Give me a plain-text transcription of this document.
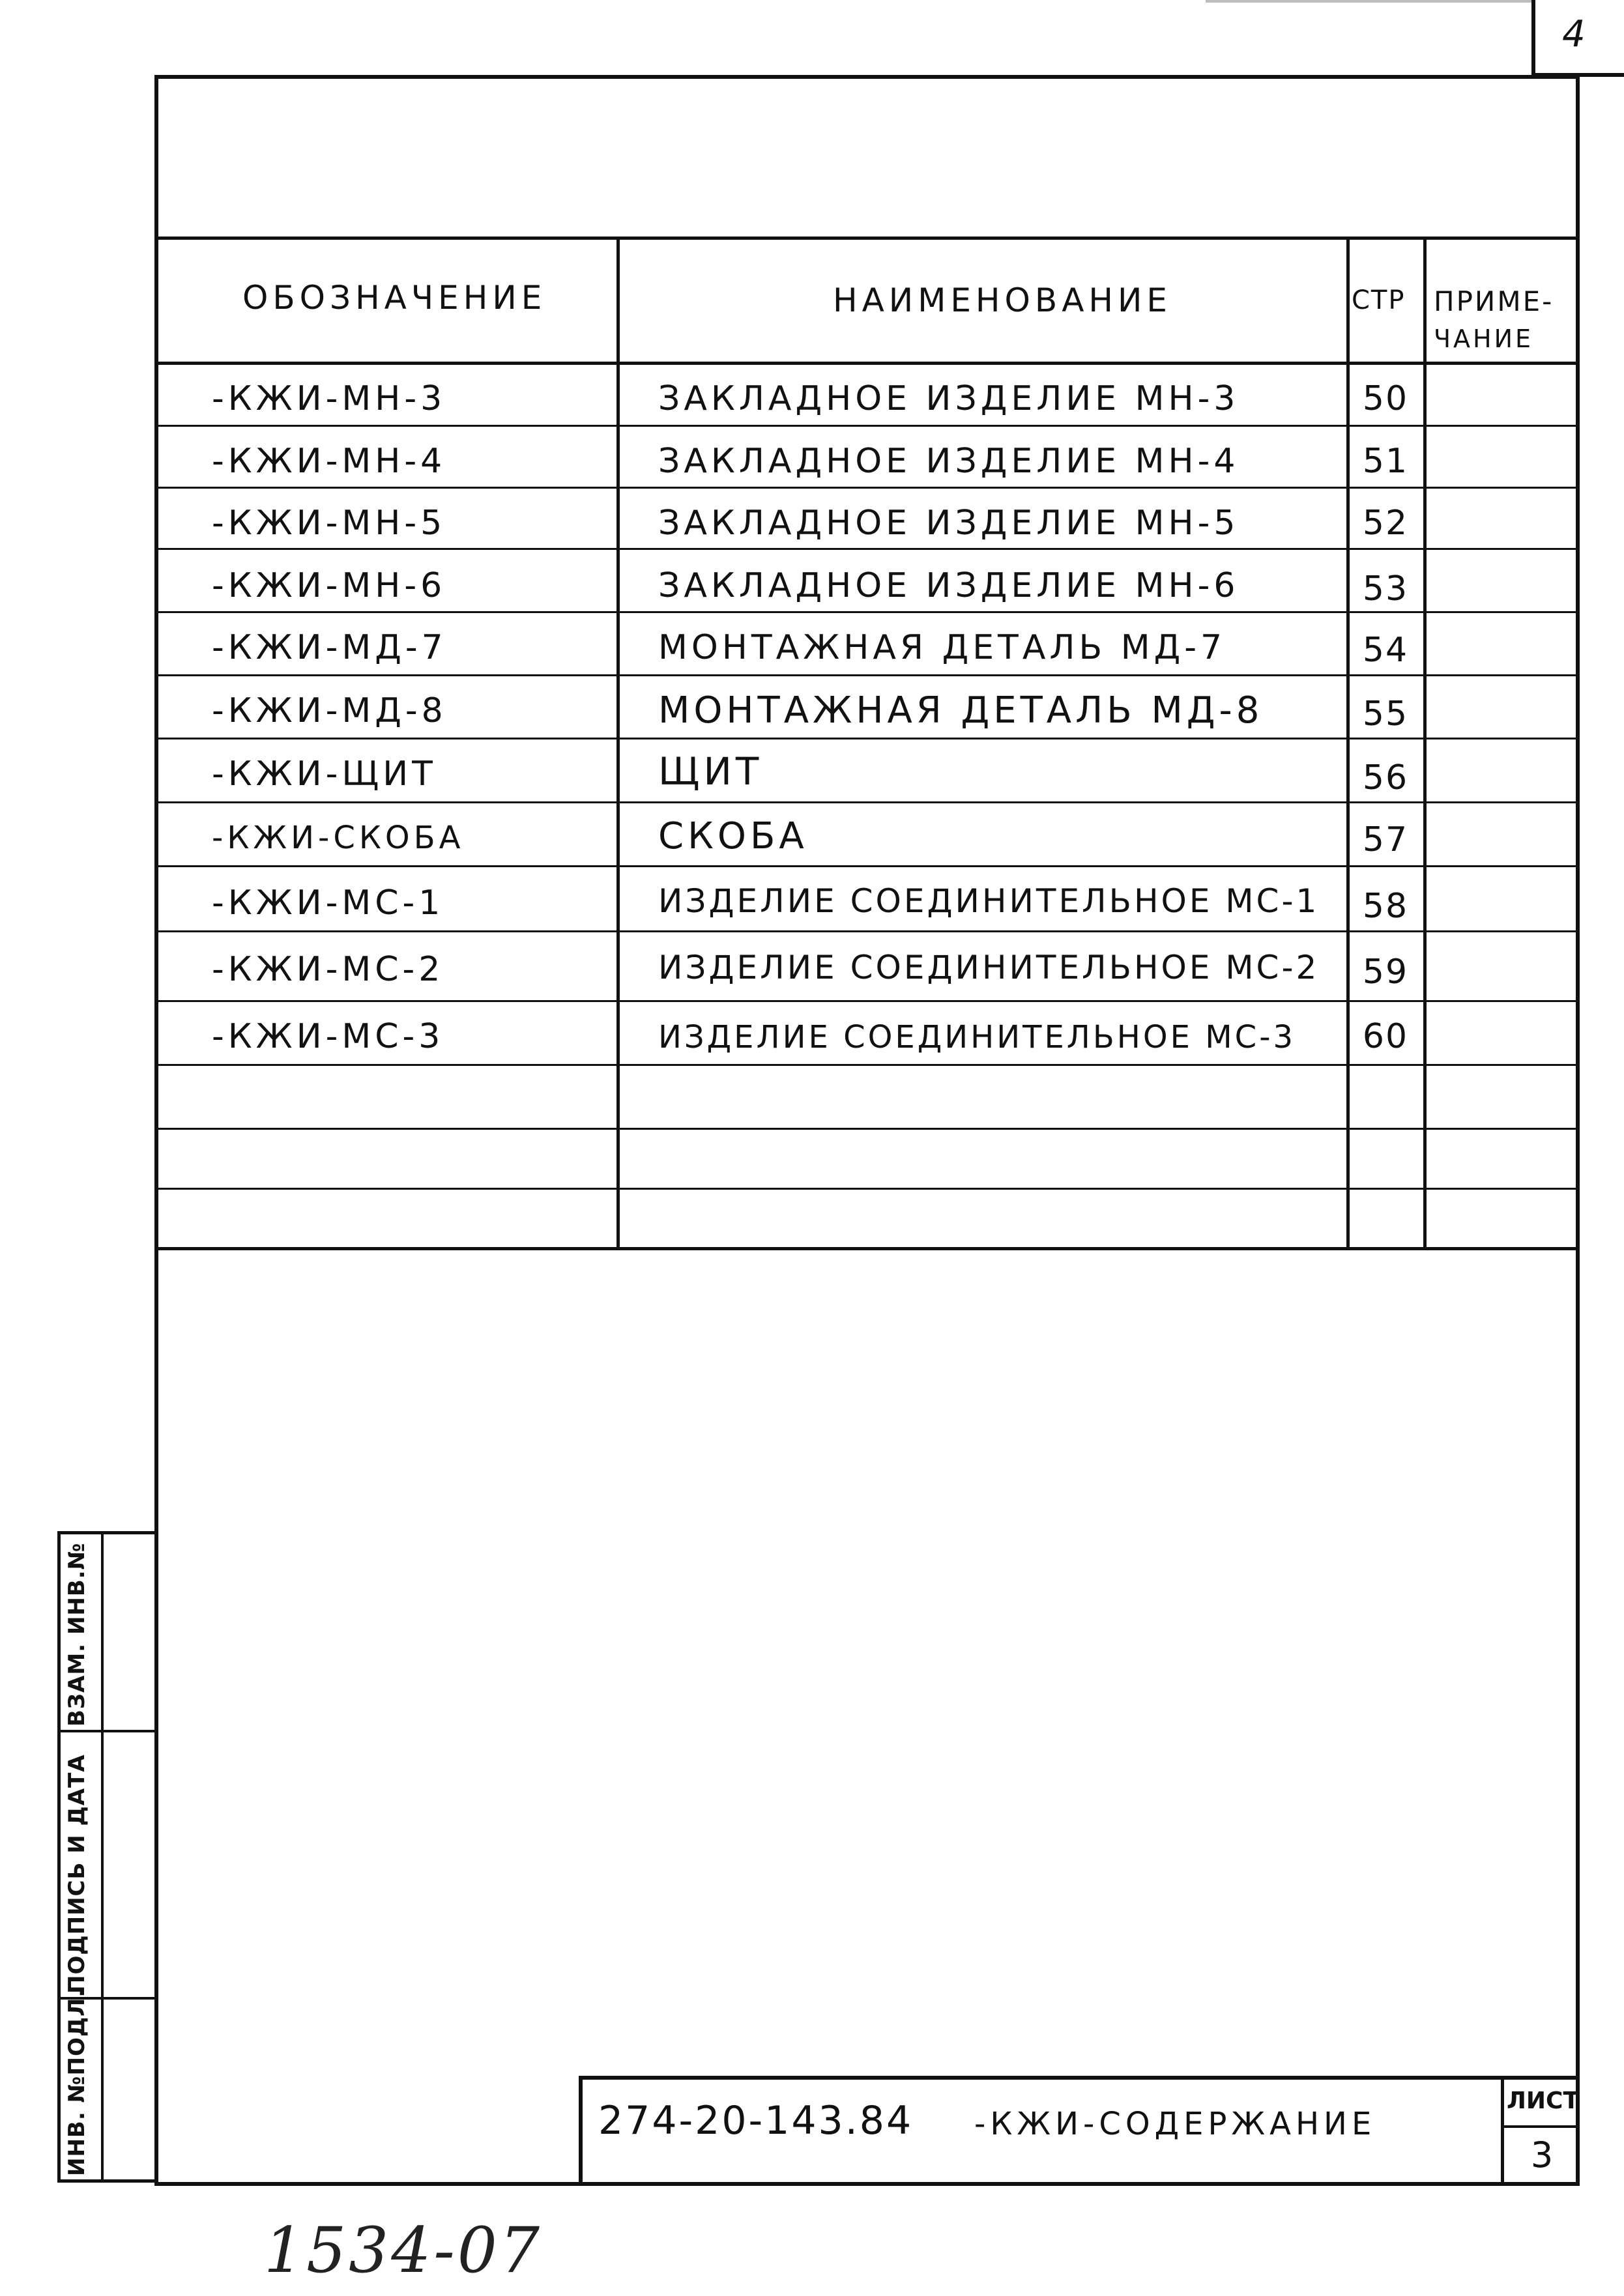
4
ОБОЗНАЧЕНИЕ	НАИМЕНОВАНИЕ	СТР ПРИМЕ-
ЧАНИЕ
-КЖИ-МН-3	ЗАКЛАДНОЕ ИЗДЕЛИЕ МН-3	50
-КЖИ-МН-4	ЗАКЛАДНОЕ ИЗДЕЛИЕ МН-4	51
-КЖИ-МН-5	ЗАКЛАДНОЕ ИЗДЕЛИЕ МН-5	52
-КЖИ-МН-6	ЗАКЛАДНОЕ ИЗДЕЛИЕ МН-6	53
-КЖИ-МД-7	МОНТАЖНАЯ ДЕТАЛЬ МД-7	54
-КЖИ-МД-8	МОНТАЖНАЯ ДЕТАЛЬ МД-8	55
-КЖИ-ЩИТ	ЩИТ	56
-КЖИ-СКОБА	СКОБА	57
-КЖИ-МС-1	ИЗДЕЛИЕ СОЕДИНИТЕЛЬНОЕ МС-1	58
-КЖИ-МС-2	ИЗДЕЛИЕ СОЕДИНИТЕЛЬНОЕ МС-2	59
-КЖИ-МС-3	ИЗДЕЛИЕ СОЕДИНИТЕЛЬНОЕ МС-3	60
ИНВ. №ПОДЛ.
ПОДПИСЬ И ДАТА
ВЗАМ. ИНВ.№
274-20-143.84 -КЖИ-СОДЕРЖАНИЕ
ЛИСТ
3
1534-07
